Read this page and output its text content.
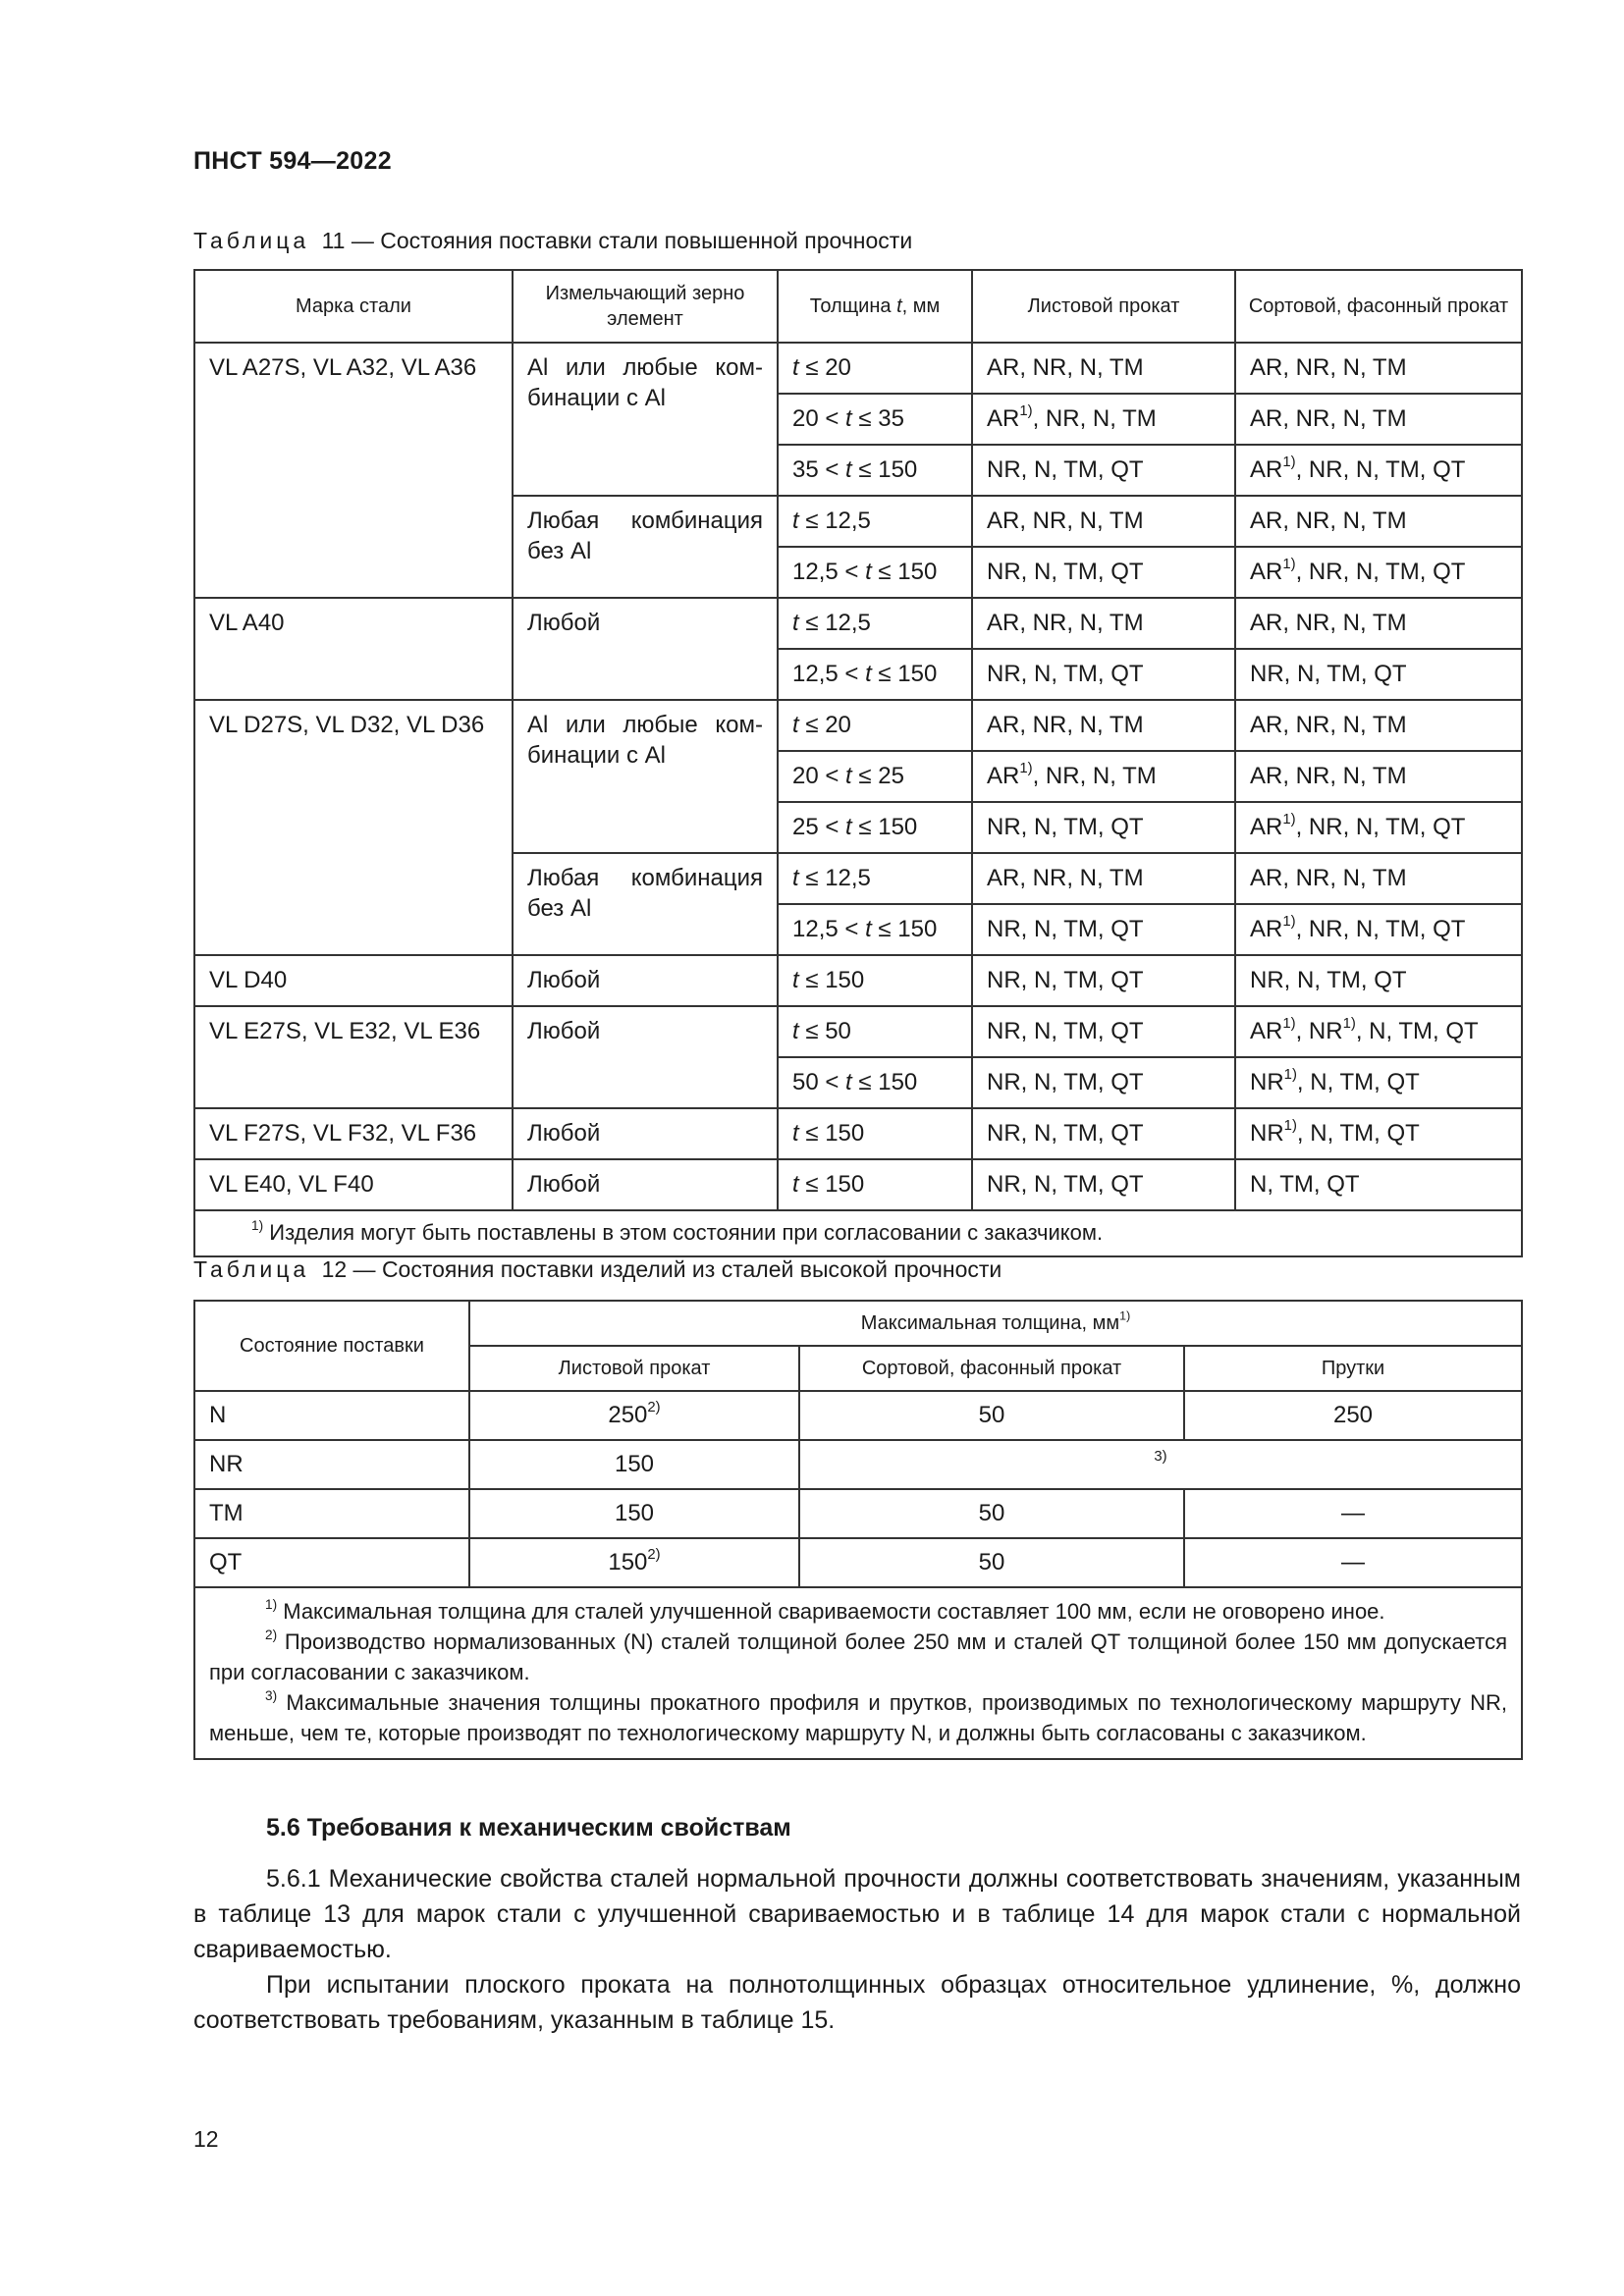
ПНСТ 594—2022
Таблица 11 — Состояния поставки стали повышенной прочности
Марка стали	Измельчающий зерно элемент	Толщина t, мм	Листовой прокат	Сортовой, фасонный прокат
VL A27S, VL A32, VL A36	Al или любые ком-бинации с Al	t ≤ 20	AR, NR, N, TM	AR, NR, N, TM
		20 < t ≤ 35	AR$^{1)}$, NR, N, TM	AR, NR, N, TM
		35 < t ≤ 150	NR, N, TM, QT	AR$^{1)}$, NR, N, TM, QT
	Любая комбинация без Al	t ≤ 12,5	AR, NR, N, TM	AR, NR, N, TM
		12,5 < t ≤ 150	NR, N, TM, QT	AR$^{1)}$, NR, N, TM, QT
VL A40	Любой	t ≤ 12,5	AR, NR, N, TM	AR, NR, N, TM
		12,5 < t ≤ 150	NR, N, TM, QT	NR, N, TM, QT
VL D27S, VL D32, VL D36	Al или любые ком-бинации с Al	t ≤ 20	AR, NR, N, TM	AR, NR, N, TM
		20 < t ≤ 25	AR$^{1)}$, NR, N, TM	AR, NR, N, TM
		25 < t ≤ 150	NR, N, TM, QT	AR$^{1)}$, NR, N, TM, QT
	Любая комбинация без Al	t ≤ 12,5	AR, NR, N, TM	AR, NR, N, TM
		12,5 < t ≤ 150	NR, N, TM, QT	AR$^{1)}$, NR, N, TM, QT
VL D40	Любой	t ≤ 150	NR, N, TM, QT	NR, N, TM, QT
VL E27S, VL E32, VL E36	Любой	t ≤ 50	NR, N, TM, QT	AR$^{1)}$, NR$^{1)}$, N, TM, QT
		50 < t ≤ 150	NR, N, TM, QT	NR$^{1)}$, N, TM, QT
VL F27S, VL F32, VL F36	Любой	t ≤ 150	NR, N, TM, QT	NR$^{1)}$, N, TM, QT
VL E40, VL F40	Любой	t ≤ 150	NR, N, TM, QT	N, TM, QT
$^{1)}$ Изделия могут быть поставлены в этом состоянии при согласовании с заказчиком.				
Таблица 12 — Состояния поставки изделий из сталей высокой прочности
Состояние поставки	Максимальная толщина, $мм^{1)}$
	Листовой прокат	Сортовой, фасонный прокат	Прутки
N	250$^{2)}$	50	250
NR	150	$^{3)}$
TM	150	50	—
QT	150$^{2)}$	50	—

$^{1)}$ Максимальная толщина для сталей улучшенной свариваемости составляет 100 мм, если не оговорено иное.

$^{2)}$ Производство нормализованных (N) сталей толщиной более 250 мм и сталей QT толщиной более 150 мм допускается при согласовании с заказчиком.

$^{3)}$ Максимальные значения толщины прокатного профиля и прутков, производимых по технологическому маршруту NR, меньше, чем те, которые производят по технологическому маршруту N, и должны быть согласованы с заказчиком.			

5.6 Требования к механическим свойствам

5.6.1 Механические свойства сталей нормальной прочности должны соответствовать значениям, указанным в таблице 13 для марок стали с улучшенной свариваемостью и в таблице 14 для марок стали с нормальной свариваемостью.

При испытании плоского проката на полнотолщинных образцах относительное удлинение, %, должно соответствовать требованиям, указанным в таблице 15.

12
